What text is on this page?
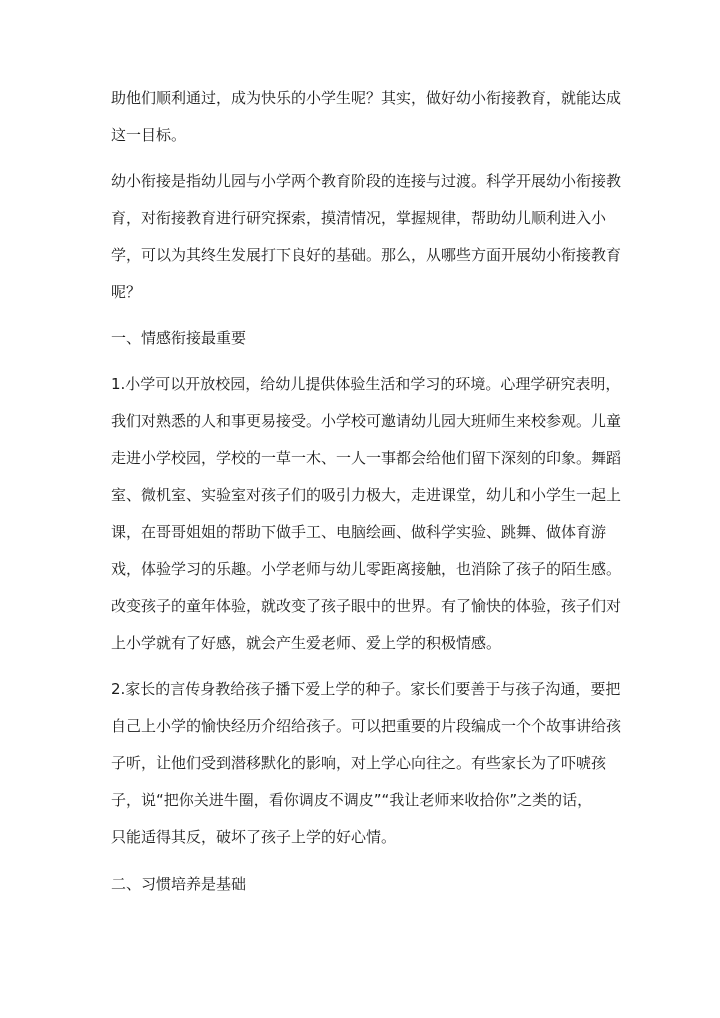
助他们顺利通过，成为快乐的小学生呢？其实，做好幼小衔接教育，就能达成
这一目标。
幼小衔接是指幼儿园与小学两个教育阶段的连接与过渡。科学开展幼小衔接教
育，对衔接教育进行研究探索，摸清情况，掌握规律，帮助幼儿顺利进入小
学，可以为其终生发展打下良好的基础。那么，从哪些方面开展幼小衔接教育
呢？
一、情感衔接最重要
1.小学可以开放校园，给幼儿提供体验生活和学习的环境。心理学研究表明，
我们对熟悉的人和事更易接受。小学校可邀请幼儿园大班师生来校参观。儿童
走进小学校园，学校的一草一木、一人一事都会给他们留下深刻的印象。舞蹈
室、微机室、实验室对孩子们的吸引力极大，走进课堂，幼儿和小学生一起上
课，在哥哥姐姐的帮助下做手工、电脑绘画、做科学实验、跳舞、做体育游
戏，体验学习的乐趣。小学老师与幼儿零距离接触，也消除了孩子的陌生感。
改变孩子的童年体验，就改变了孩子眼中的世界。有了愉快的体验，孩子们对
上小学就有了好感，就会产生爱老师、爱上学的积极情感。
2.家长的言传身教给孩子播下爱上学的种子。家长们要善于与孩子沟通，要把
自己上小学的愉快经历介绍给孩子。可以把重要的片段编成一个个故事讲给孩
子听，让他们受到潜移默化的影响，对上学心向往之。有些家长为了吓唬孩
子，说“把你关进牛圈，看你调皮不调皮”“我让老师来收拾你”之类的话，
只能适得其反，破坏了孩子上学的好心情。
二、习惯培养是基础
